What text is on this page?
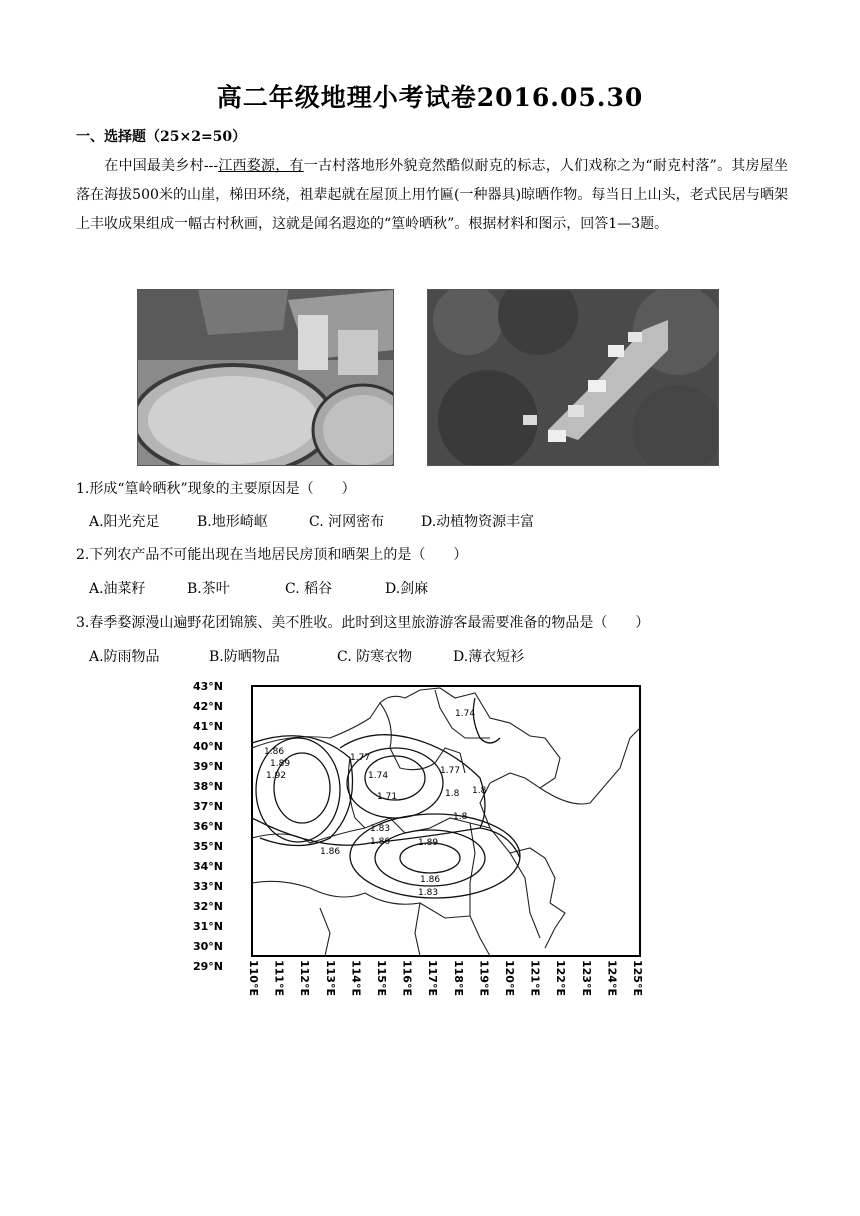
高二年级地理小考试卷2016.05.30
一、选择题（25×2=50）
在中国最美乡村---江西婺源，有一古村落地形外貌竟然酷似耐克的标志，人们戏称之为“耐克村落”。其房屋坐落在海拔500米的山崖，梯田环绕，祖辈起就在屋顶上用竹匾(一种器具)晾晒作物。每当日上山头，老式民居与晒架上丰收成果组成一幅古村秋画，这就是闻名遐迩的“篁岭晒秋”。根据材料和图示，回答1—3题。
1.形成“篁岭晒秋”现象的主要原因是（　　）
A.阳光充足	B.地形崎岖	C. 河网密布	D.动植物资源丰富
2.下列农产品不可能出现在当地居民房顶和晒架上的是（　　）
A.油菜籽	B.茶叶	C. 稻谷	D.剑麻
3.春季婺源漫山遍野花团锦簇、美不胜收。此时到这里旅游游客最需要准备的物品是（　　）
A.防雨物品	B.防晒物品	C. 防寒衣物	D.薄衣短衫
43°N
42°N
41°N
40°N
39°N
38°N
37°N
36°N
35°N
34°N
33°N
32°N
31°N
30°N
29°N 110°E 111°E 112°E 113°E 114°E 115°E 116°E 117°E 118°E 119°E 120°E 121°E 122°E 123°E 124°E 125°E
1.86
1.89
1.92
1.77
1.74
1.71
1.8
1.83
1.86	1.89
1.86
1.83
1.86
1.8
1.77
1.8
1.74
